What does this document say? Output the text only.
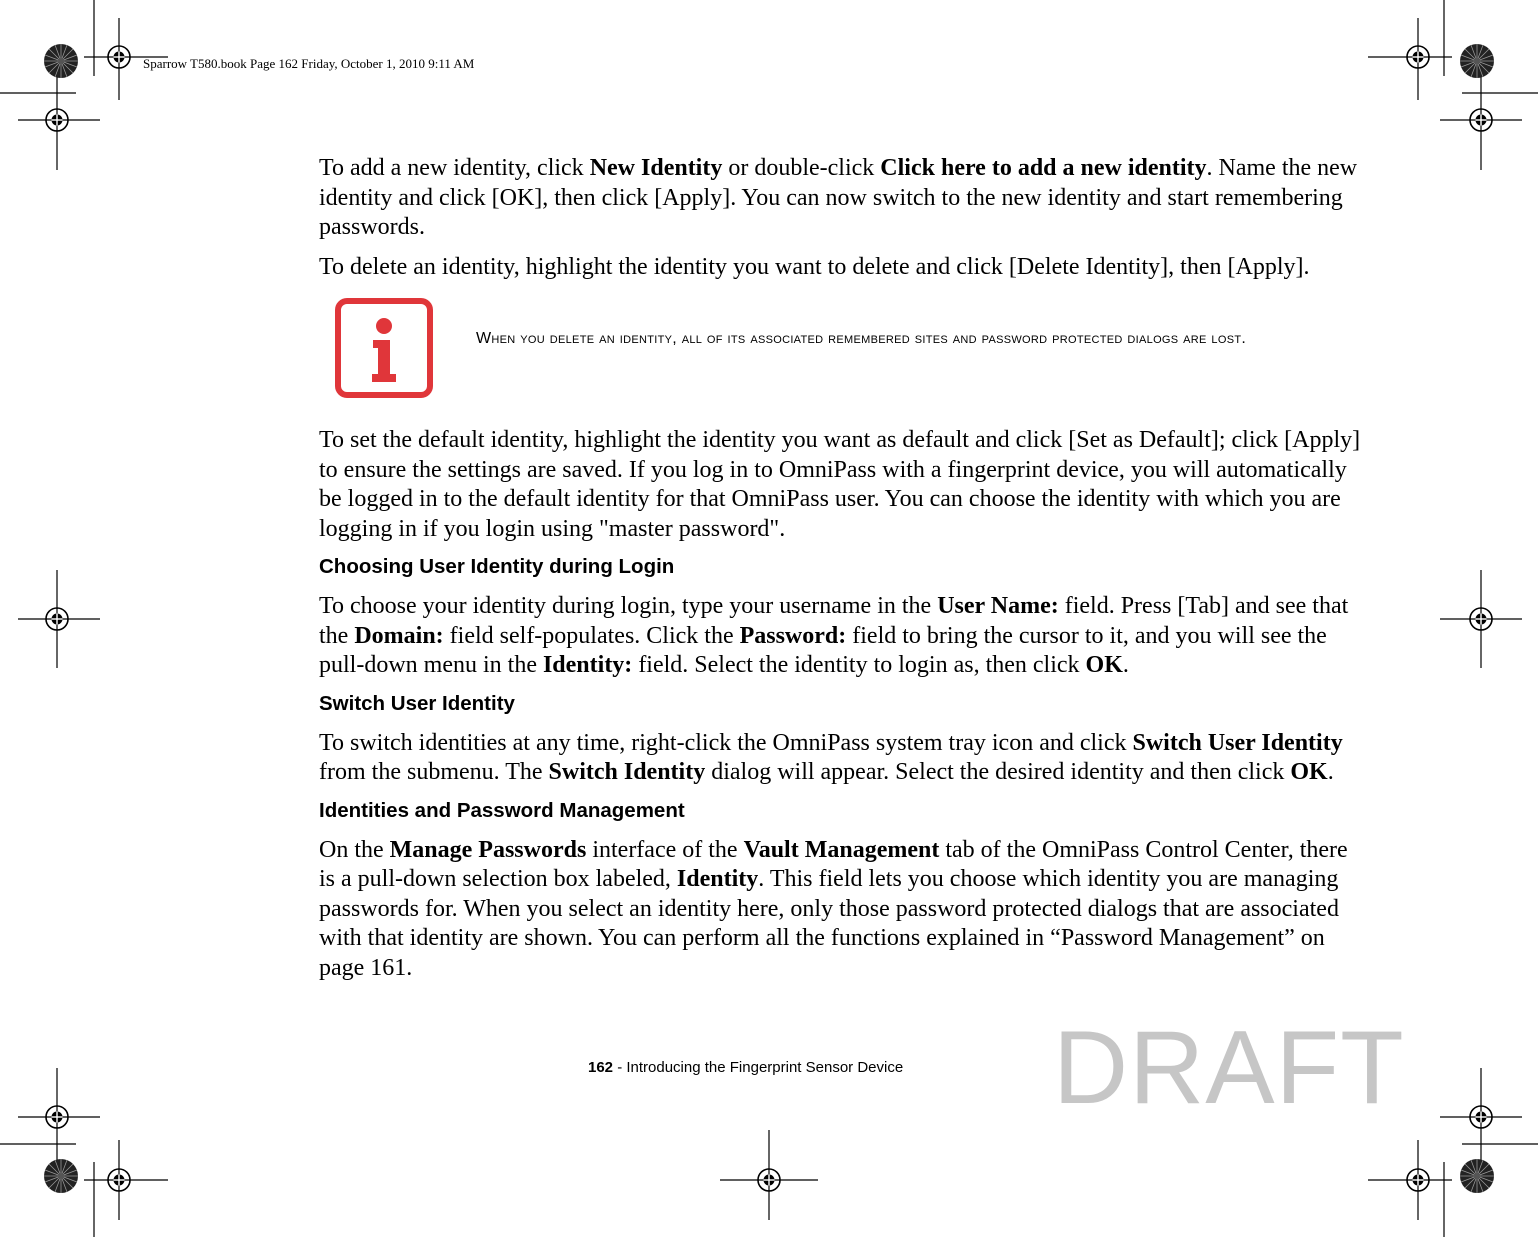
Sparrow T580.book Page 162 Friday, October 1, 2010 9:11 AM

To add a new identity, click New Identity or double-click Click here to add a new identity. Name the new identity and click [OK], then click [Apply]. You can now switch to the new identity and start remembering passwords.

To delete an identity, highlight the identity you want to delete and click [Delete Identity], then [Apply].

When you delete an identity, all of its associated remembered sites and password protected dialogs are lost.

To set the default identity, highlight the identity you want as default and click [Set as Default]; click [Apply] to ensure the settings are saved. If you log in to OmniPass with a fingerprint device, you will automatically be logged in to the default identity for that OmniPass user. You can choose the identity with which you are logging in if you login using "master password".

Choosing User Identity during Login

To choose your identity during login, type your username in the User Name: field. Press [Tab] and see that the Domain: field self-populates. Click the Password: field to bring the cursor to it, and you will see the pull-down menu in the Identity: field. Select the identity to login as, then click OK.

Switch User Identity

To switch identities at any time, right-click the OmniPass system tray icon and click Switch User Identity from the submenu. The Switch Identity dialog will appear. Select the desired identity and then click OK.

Identities and Password Management

On the Manage Passwords interface of the Vault Management tab of the OmniPass Control Center, there is a pull-down selection box labeled, Identity. This field lets you choose which identity you are managing passwords for. When you select an identity here, only those password protected dialogs that are associated with that identity are shown. You can perform all the functions explained in “Password Management” on page 161.

162 - Introducing the Fingerprint Sensor Device DRAFT
